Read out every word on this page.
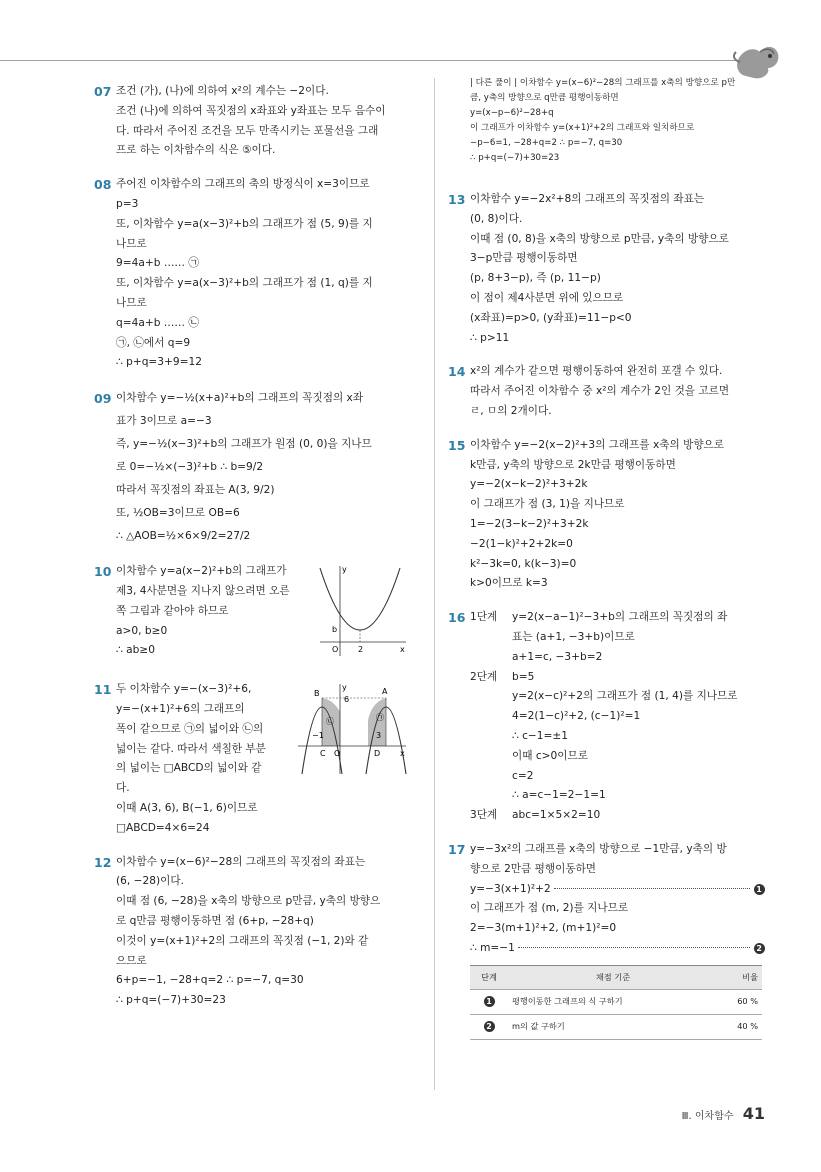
07 조건 (가), (나)에 의하여 x²의 계수는 −2이다.
조건 (나)에 의하여 꼭짓점의 x좌표와 y좌표는 모두 음수이
다. 따라서 주어진 조건을 모두 만족시키는 포물선을 그래
프로 하는 이차함수의 식은 ⑤이다.
08 주어진 이차함수의 그래프의 축의 방정식이 x=3이므로
p=3
또, 이차함수 y=a(x−3)²+b의 그래프가 점 (5, 9)를 지
나므로
9=4a+b …… ㉠
또, 이차함수 y=a(x−3)²+b의 그래프가 점 (1, q)를 지
나므로
q=4a+b …… ㉡
㉠, ㉡에서 q=9
∴ p+q=3+9=12
09 이차함수 y=−½(x+a)²+b의 그래프의 꼭짓점의 x좌
표가 3이므로 a=−3
즉, y=−½(x−3)²+b의 그래프가 원점 (0, 0)을 지나므
로 0=−½×(−3)²+b ∴ b=9/2
따라서 꼭짓점의 좌표는 A(3, 9/2)
또, ½OB=3이므로 OB=6
∴ △AOB=½×6×9/2=27/2
10 이차함수 y=a(x−2)²+b의 그래프가
제3, 4사분면을 지나지 않으려면 오른
쪽 그림과 같아야 하므로
a>0, b≥0
∴ ab≥0
y
x
O
b
2
11 두 이차함수 y=−(x−3)²+6,
y=−(x+1)²+6의 그래프의
폭이 같으므로 ㉠의 넓이와 ㉡의
넓이는 같다. 따라서 색칠한 부분
의 넓이는 □ABCD의 넓이와 같
다.
이때 A(3, 6), B(−1, 6)이므로
□ABCD=4×6=24
y
x
B	A
6
−1	3
C O	D
㉡	㉠
12 이차함수 y=(x−6)²−28의 그래프의 꼭짓점의 좌표는
(6, −28)이다.
이때 점 (6, −28)을 x축의 방향으로 p만큼, y축의 방향으
로 q만큼 평행이동하면 점 (6+p, −28+q)
이것이 y=(x+1)²+2의 그래프의 꼭짓점 (−1, 2)와 같
으므로
6+p=−1, −28+q=2 ∴ p=−7, q=30
∴ p+q=(−7)+30=23
| 다른 풀이 | 이차함수 y=(x−6)²−28의 그래프를 x축의 방향으로 p만
큼, y축의 방향으로 q만큼 평행이동하면
y=(x−p−6)²−28+q
이 그래프가 이차함수 y=(x+1)²+2의 그래프와 일치하므로
−p−6=1, −28+q=2 ∴ p=−7, q=30
∴ p+q=(−7)+30=23
13 이차함수 y=−2x²+8의 그래프의 꼭짓점의 좌표는
(0, 8)이다.
이때 점 (0, 8)을 x축의 방향으로 p만큼, y축의 방향으로
3−p만큼 평행이동하면
(p, 8+3−p), 즉 (p, 11−p)
이 점이 제4사분면 위에 있으므로
(x좌표)=p>0, (y좌표)=11−p<0
∴ p>11
14 x²의 계수가 같으면 평행이동하여 완전히 포갤 수 있다.
따라서 주어진 이차함수 중 x²의 계수가 2인 것을 고르면
ㄹ, ㅁ의 2개이다.
15 이차함수 y=−2(x−2)²+3의 그래프를 x축의 방향으로
k만큼, y축의 방향으로 2k만큼 평행이동하면
y=−2(x−k−2)²+3+2k
이 그래프가 점 (3, 1)을 지나므로
1=−2(3−k−2)²+3+2k
−2(1−k)²+2+2k=0
k²−3k=0, k(k−3)=0
k>0이므로 k=3
16 1단계 y=2(x−a−1)²−3+b의 그래프의 꼭짓점의 좌
표는 (a+1, −3+b)이므로
a+1=c, −3+b=2
2단계 b=5
y=2(x−c)²+2의 그래프가 점 (1, 4)를 지나므로
4=2(1−c)²+2, (c−1)²=1
∴ c−1=±1
이때 c>0이므로
c=2
∴ a=c−1=2−1=1
3단계 abc=1×5×2=10
17 y=−3x²의 그래프를 x축의 방향으로 −1만큼, y축의 방
향으로 2만큼 평행이동하면
y=−3(x+1)²+2	1
이 그래프가 점 (m, 2)를 지나므로
2=−3(m+1)²+2, (m+1)²=0
∴ m=−1	2
단계	채점 기준	비율
1	평행이동한 그래프의 식 구하기	60 %
2	m의 값 구하기	40 %
Ⅲ. 이차함수 41
